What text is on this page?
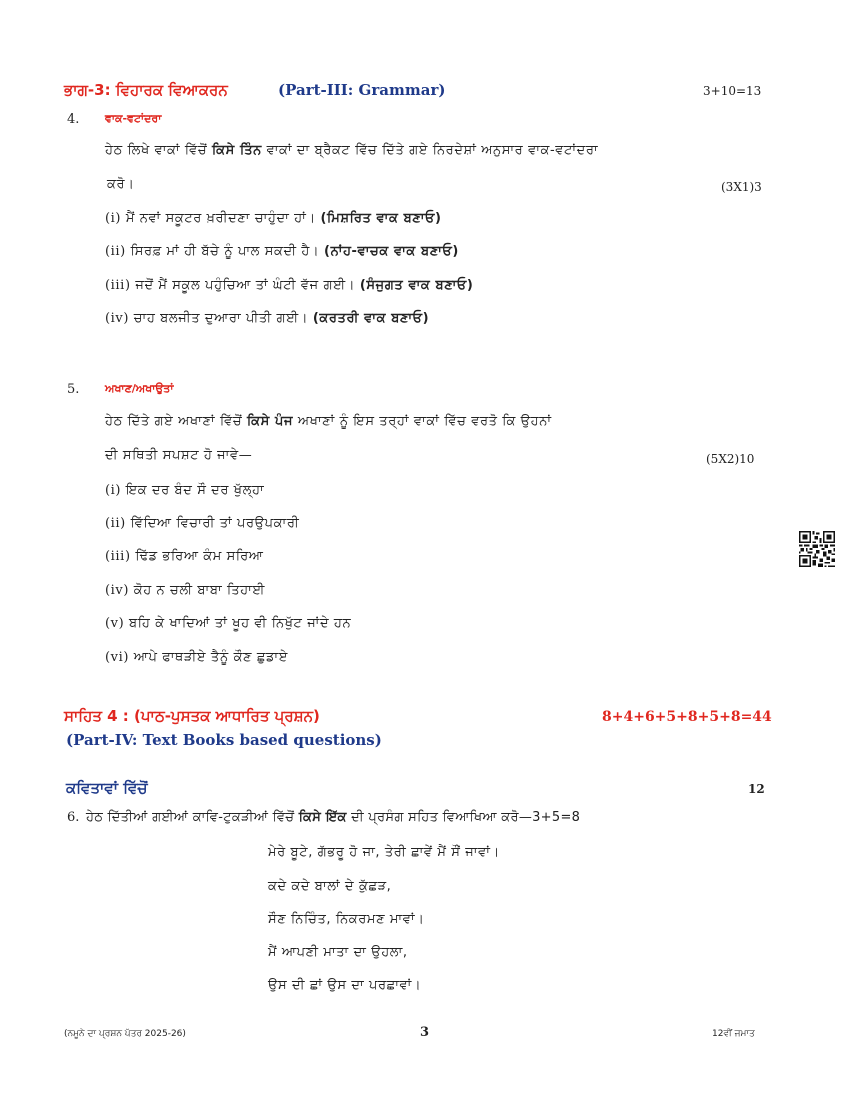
ਭਾਗ-3: ਵਿਹਾਰਕ ਵਿਆਕਰਨ	(Part-III: Grammar)	3+10=13
4. ਵਾਕ-ਵਟਾਂਦਰਾ
ਹੇਠ ਲਿਖੇ ਵਾਕਾਂ ਵਿੱਚੋਂ ਕਿਸੇ ਤਿੰਨ ਵਾਕਾਂ ਦਾ ਬ੍ਰੈਕਟ ਵਿੱਚ ਦਿੱਤੇ ਗਏ ਨਿਰਦੇਸ਼ਾਂ ਅਨੁਸਾਰ ਵਾਕ-ਵਟਾਂਦਰਾ
ਕਰੋ।	(3X1)3
(i) ਮੈਂ ਨਵਾਂ ਸਕੂਟਰ ਖ਼ਰੀਦਣਾ ਚਾਹੁੰਦਾ ਹਾਂ। (ਮਿਸ਼ਰਿਤ ਵਾਕ ਬਣਾਓ)
(ii) ਸਿਰਫ਼ ਮਾਂ ਹੀ ਬੱਚੇ ਨੂੰ ਪਾਲ ਸਕਦੀ ਹੈ। (ਨਾਂਹ-ਵਾਚਕ ਵਾਕ ਬਣਾਓ)
(iii) ਜਦੋਂ ਮੈਂ ਸਕੂਲ ਪਹੁੰਚਿਆ ਤਾਂ ਘੰਟੀ ਵੱਜ ਗਈ। (ਸੰਜੁਗਤ ਵਾਕ ਬਣਾਓ)
(iv) ਚਾਹ ਬਲਜੀਤ ਦੁਆਰਾ ਪੀਤੀ ਗਈ। (ਕਰਤਰੀ ਵਾਕ ਬਣਾਓ)
5. ਅਖਾਣ/ਅਖਾਉਤਾਂ
ਹੇਠ ਦਿੱਤੇ ਗਏ ਅਖਾਣਾਂ ਵਿੱਚੋਂ ਕਿਸੇ ਪੰਜ ਅਖਾਣਾਂ ਨੂੰ ਇਸ ਤਰ੍ਹਾਂ ਵਾਕਾਂ ਵਿੱਚ ਵਰਤੋ ਕਿ ਉਹਨਾਂ
ਦੀ ਸਥਿਤੀ ਸਪਸ਼ਟ ਹੋ ਜਾਵੇ—	(5X2)10
(i) ਇਕ ਦਰ ਬੰਦ ਸੌ ਦਰ ਖੁੱਲ੍ਹਾ
(ii) ਵਿੱਦਿਆ ਵਿਚਾਰੀ ਤਾਂ ਪਰਉਪਕਾਰੀ
(iii) ਢਿੱਡ ਭਰਿਆ ਕੰਮ ਸਰਿਆ
(iv) ਕੋਹ ਨ ਚਲੀ ਬਾਬਾ ਤਿਹਾਈ
(v) ਬਹਿ ਕੇ ਖਾਦਿਆਂ ਤਾਂ ਖੂਹ ਵੀ ਨਿਖੁੱਟ ਜਾਂਦੇ ਹਨ
(vi) ਆਪੇ ਫਾਥੜੀਏ ਤੈਨੂੰ ਕੌਣ ਛੁਡਾਏ
ਸਾਹਿਤ 4 : (ਪਾਠ-ਪੁਸਤਕ ਆਧਾਰਿਤ ਪ੍ਰਸ਼ਨ)	8+4+6+5+8+5+8=44
(Part-IV: Text Books based questions)
ਕਵਿਤਾਵਾਂ ਵਿੱਚੋਂ	12
6. ਹੇਠ ਦਿੱਤੀਆਂ ਗਈਆਂ ਕਾਵਿ-ਟੁਕੜੀਆਂ ਵਿੱਚੋਂ ਕਿਸੇ ਇੱਕ ਦੀ ਪ੍ਰਸੰਗ ਸਹਿਤ ਵਿਆਖਿਆ ਕਰੋ—3+5=8
ਮੇਰੇ ਬੂਟੇ, ਗੱਭਰੂ ਹੋ ਜਾ, ਤੇਰੀ ਛਾਵੇਂ ਮੈਂ ਸੌਂ ਜਾਵਾਂ।
ਕਦੇ ਕਦੇ ਬਾਲਾਂ ਦੇ ਕੁੱਛੜ,
ਸੌਣ ਨਿਚਿੰਤ, ਨਿਕਰਮਣ ਮਾਵਾਂ।
ਮੈਂ ਆਪਣੀ ਮਾਤਾ ਦਾ ਉਹਲਾ,
ਉਸ ਦੀ ਛਾਂ ਉਸ ਦਾ ਪਰਛਾਵਾਂ।
(ਨਮੂਨੇ ਦਾ ਪ੍ਰਸ਼ਨ ਪੱਤਰ 2025-26)	3	12ਵੀਂ ਜਮਾਤ
